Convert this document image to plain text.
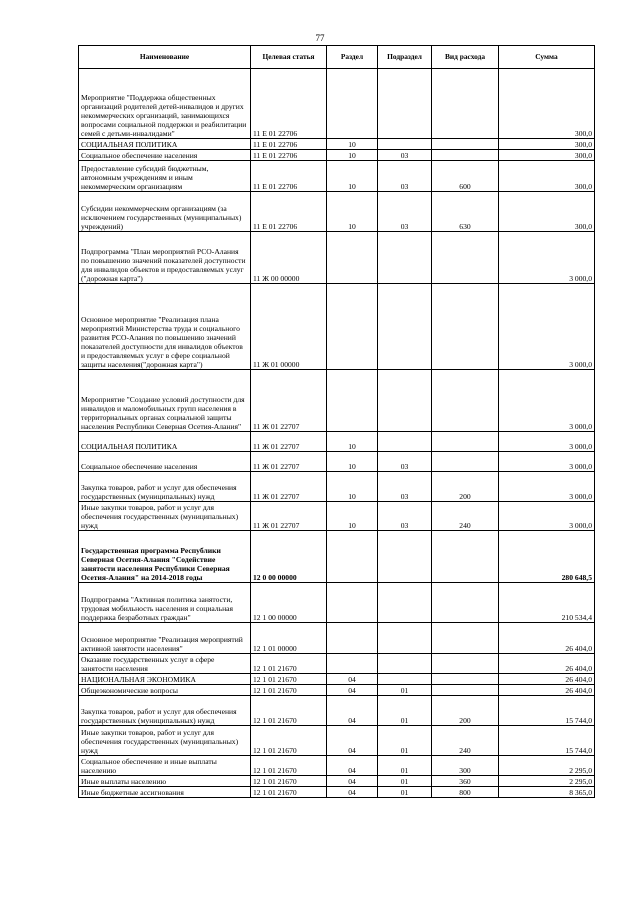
77
Наименование	Целевая статья	Раздел	Подраздел	Вид расхода	Сумма
Мероприятие "Поддержка общественных организаций родителей детей-инвалидов и других некоммерческих организаций, занимающихся вопросами социальной поддержки и реабилитации семей с детьми-инвалидами"	11 Е 01 22706				300,0
СОЦИАЛЬНАЯ ПОЛИТИКА	11 Е 01 22706	10			300,0
Социальное обеспечение населения	11 Е 01 22706	10	03		300,0
Предоставление субсидий бюджетным, автономным учреждениям и иным некоммерческим организациям	11 Е 01 22706	10	03	600	300,0
Субсидии некоммерческим организациям (за исключением государственных (муниципальных) учреждений)	11 Е 01 22706	10	03	630	300,0
Подпрограмма "План мероприятий РСО-Алания по повышению значений показателей доступности для инвалидов объектов и предоставляемых услуг ("дорожная карта")	11 Ж 00 00000				3 000,0
Основное мероприятие "Реализация плана мероприятий Министерства труда и социального развития РСО-Алания по повышению значений показателей доступности для инвалидов объектов и предоставляемых услуг в сфере социальной защиты населения("дорожная карта")	11 Ж 01 00000				3 000,0
Мероприятие "Создание условий доступности для инвалидов и маломобильных групп населения в территориальных органах социальной защиты населения Республики Северная Осетия-Алания"	11 Ж 01 22707				3 000,0
СОЦИАЛЬНАЯ ПОЛИТИКА	11 Ж 01 22707	10			3 000,0
Социальное обеспечение населения	11 Ж 01 22707	10	03		3 000,0
Закупка товаров, работ и услуг для обеспечения государственных (муниципальных) нужд	11 Ж 01 22707	10	03	200	3 000,0
Иные закупки товаров, работ и услуг для обеспечения государственных (муниципальных) нужд	11 Ж 01 22707	10	03	240	3 000,0
Государственная программа Республики Северная Осетия-Алания "Содействие занятости населения Республики Северная Осетия-Алания" на 2014-2018 годы	12 0 00 00000				280 648,5
Подпрограмма "Активная политика занятости, трудовая мобильность населения и социальная поддержка безработных граждан"	12 1 00 00000				210 534,4
Основное мероприятие "Реализация мероприятий активной занятости населения"	12 1 01 00000				26 404,0
Оказание государственных услуг в сфере занятости населения	12 1 01 21670				26 404,0
НАЦИОНАЛЬНАЯ ЭКОНОМИКА	12 1 01 21670	04			26 404,0
Общеэкономические вопросы	12 1 01 21670	04	01		26 404,0
Закупка товаров, работ и услуг для обеспечения государственных (муниципальных) нужд	12 1 01 21670	04	01	200	15 744,0
Иные закупки товаров, работ и услуг для обеспечения государственных (муниципальных) нужд	12 1 01 21670	04	01	240	15 744,0
Социальное обеспечение и иные выплаты населению	12 1 01 21670	04	01	300	2 295,0
Иные выплаты населению	12 1 01 21670	04	01	360	2 295,0
Иные бюджетные ассигнования	12 1 01 21670	04	01	800	8 365,0
